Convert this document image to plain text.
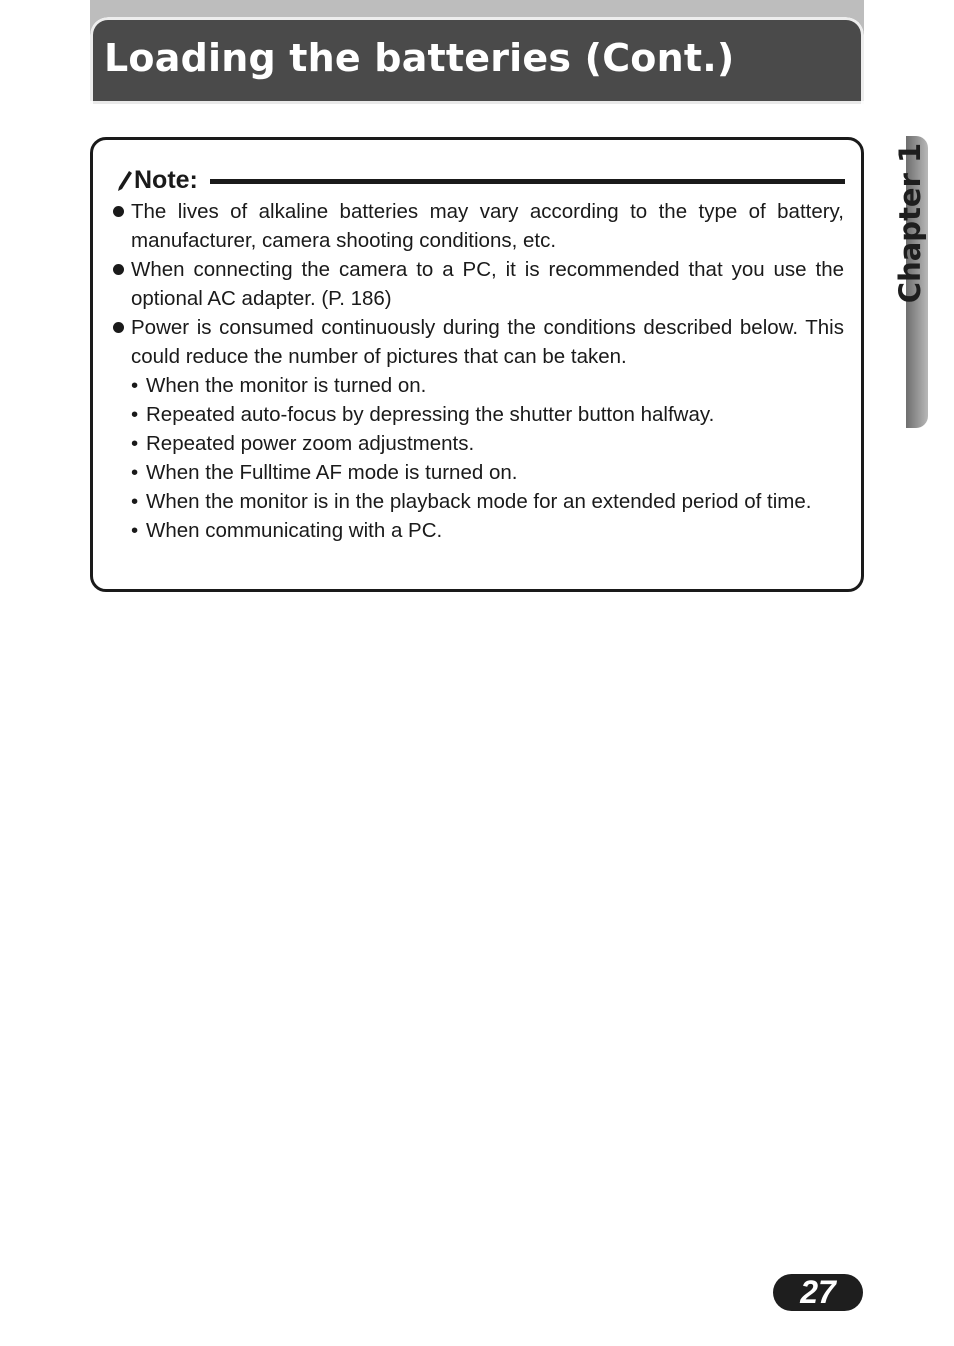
Loading the batteries (Cont.)
Chapter 1
Note:
The lives of alkaline batteries may vary according to the type of battery, manufacturer, camera shooting conditions, etc.
When connecting the camera to a PC, it is recommended that you use the optional AC adapter. (P. 186)
Power is consumed continuously during the conditions described below. This could reduce the number of pictures that can be taken.
• When the monitor is turned on.
• Repeated auto-focus by depressing the shutter button halfway.
• Repeated power zoom adjustments.
• When the Fulltime AF mode is turned on.
• When the monitor is in the playback mode for an extended period of time.
• When communicating with a PC.
27
